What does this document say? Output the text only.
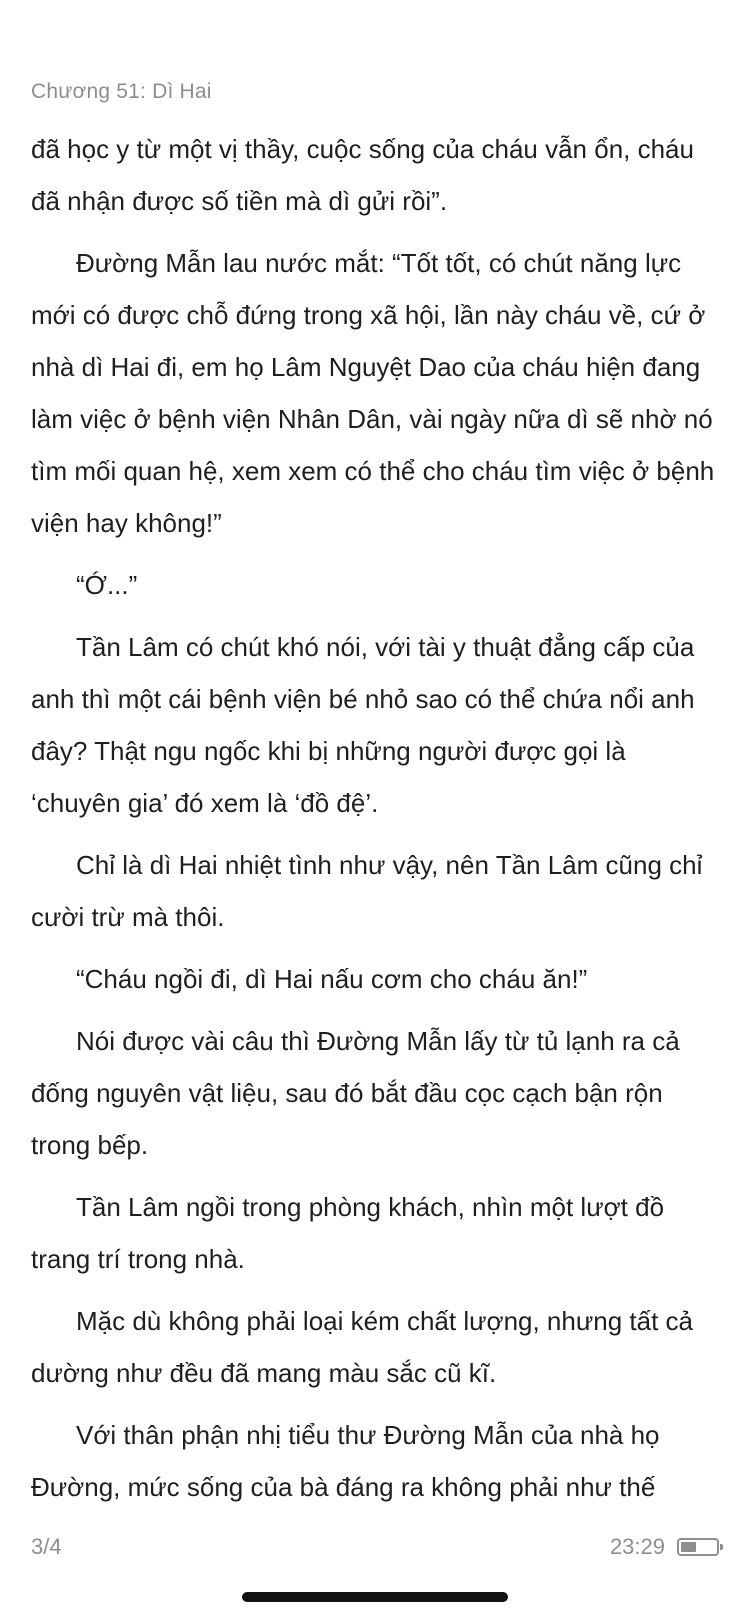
Chương 51: Dì Hai

đã học y từ một vị thầy, cuộc sống của cháu vẫn ổn, cháu đã nhận được số tiền mà dì gửi rồi”.

Đường Mẫn lau nước mắt: “Tốt tốt, có chút năng lực mới có được chỗ đứng trong xã hội, lần này cháu về, cứ ở nhà dì Hai đi, em họ Lâm Nguyệt Dao của cháu hiện đang làm việc ở bệnh viện Nhân Dân, vài ngày nữa dì sẽ nhờ nó tìm mối quan hệ, xem xem có thể cho cháu tìm việc ở bệnh viện hay không!”

“Ớ...”

Tần Lâm có chút khó nói, với tài y thuật đẳng cấp của anh thì một cái bệnh viện bé nhỏ sao có thể chứa nổi anh đây? Thật ngu ngốc khi bị những người được gọi là ‘chuyên gia’ đó xem là ‘đồ đệ’.

Chỉ là dì Hai nhiệt tình như vậy, nên Tần Lâm cũng chỉ cười trừ mà thôi.

“Cháu ngồi đi, dì Hai nấu cơm cho cháu ăn!”

Nói được vài câu thì Đường Mẫn lấy từ tủ lạnh ra cả đống nguyên vật liệu, sau đó bắt đầu cọc cạch bận rộn trong bếp.

Tần Lâm ngồi trong phòng khách, nhìn một lượt đồ trang trí trong nhà.

Mặc dù không phải loại kém chất lượng, nhưng tất cả dường như đều đã mang màu sắc cũ kĩ.

Với thân phận nhị tiểu thư Đường Mẫn của nhà họ Đường, mức sống của bà đáng ra không phải như thế

3/4	23:29
